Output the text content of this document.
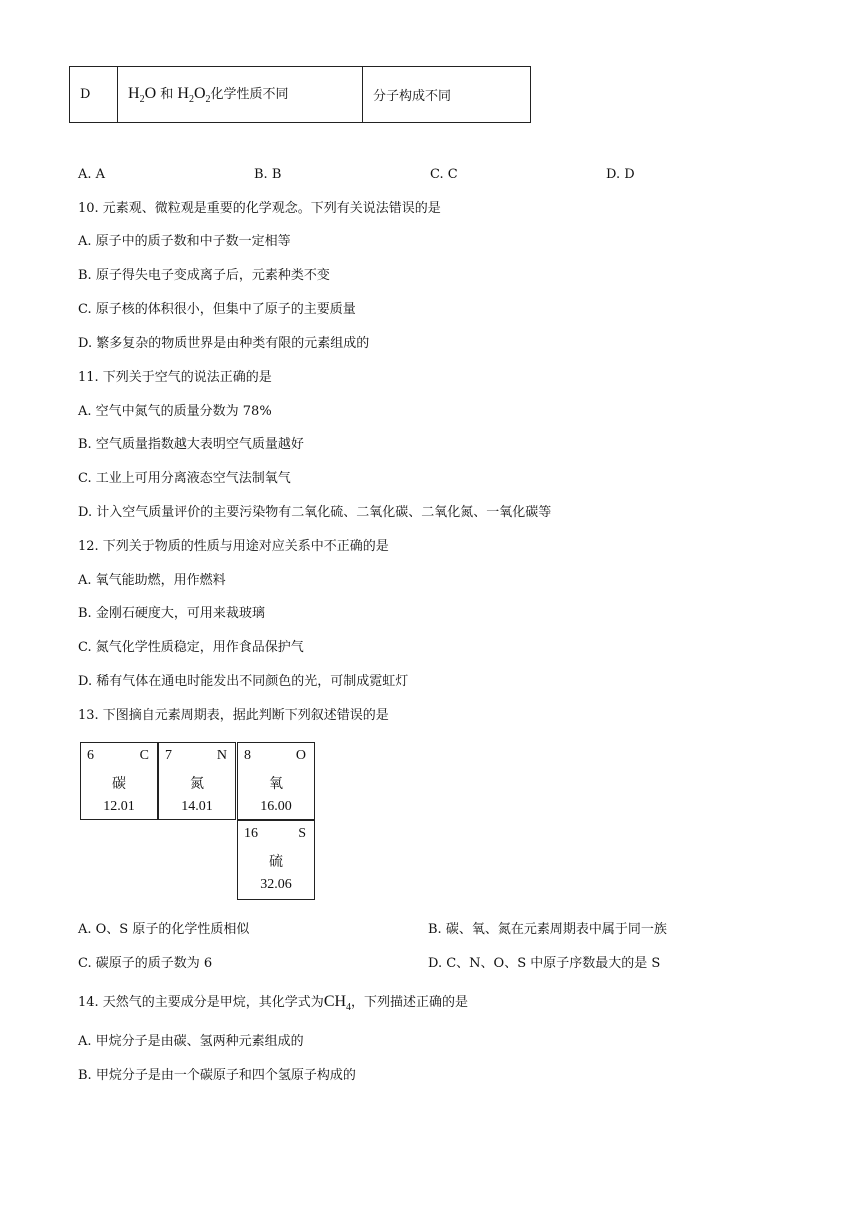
D	$H_2O$ 和 $H_2O_2$化学性质不同	分子构成不同
A. A	B. B	C. C	D. D
10. 元素观、微粒观是重要的化学观念。下列有关说法错误的是
A. 原子中的质子数和中子数一定相等
B. 原子得失电子变成离子后，元素种类不变
C. 原子核的体积很小，但集中了原子的主要质量
D. 繁多复杂的物质世界是由种类有限的元素组成的
11. 下列关于空气的说法正确的是
A. 空气中氮气的质量分数为 78%
B. 空气质量指数越大表明空气质量越好
C. 工业上可用分离液态空气法制氧气
D. 计入空气质量评价的主要污染物有二氧化硫、二氧化碳、二氧化氮、一氧化碳等
12. 下列关于物质的性质与用途对应关系中不正确的是
A. 氧气能助燃，用作燃料
B. 金刚石硬度大，可用来裁玻璃
C. 氮气化学性质稳定，用作食品保护气
D. 稀有气体在通电时能发出不同颜色的光，可制成霓虹灯
13. 下图摘自元素周期表，据此判断下列叙述错误的是
6	C
碳
12.01
7	N
氮
14.01
8	O
氧
16.00
16	S
硫
32.06
A. O、S 原子的化学性质相似	B. 碳、氧、氮在元素周期表中属于同一族
C. 碳原子的质子数为 6	D. C、N、O、S 中原子序数最大的是 S
14. 天然气的主要成分是甲烷，其化学式为$CH_4$，下列描述正确的是
A. 甲烷分子是由碳、氢两种元素组成的
B. 甲烷分子是由一个碳原子和四个氢原子构成的
